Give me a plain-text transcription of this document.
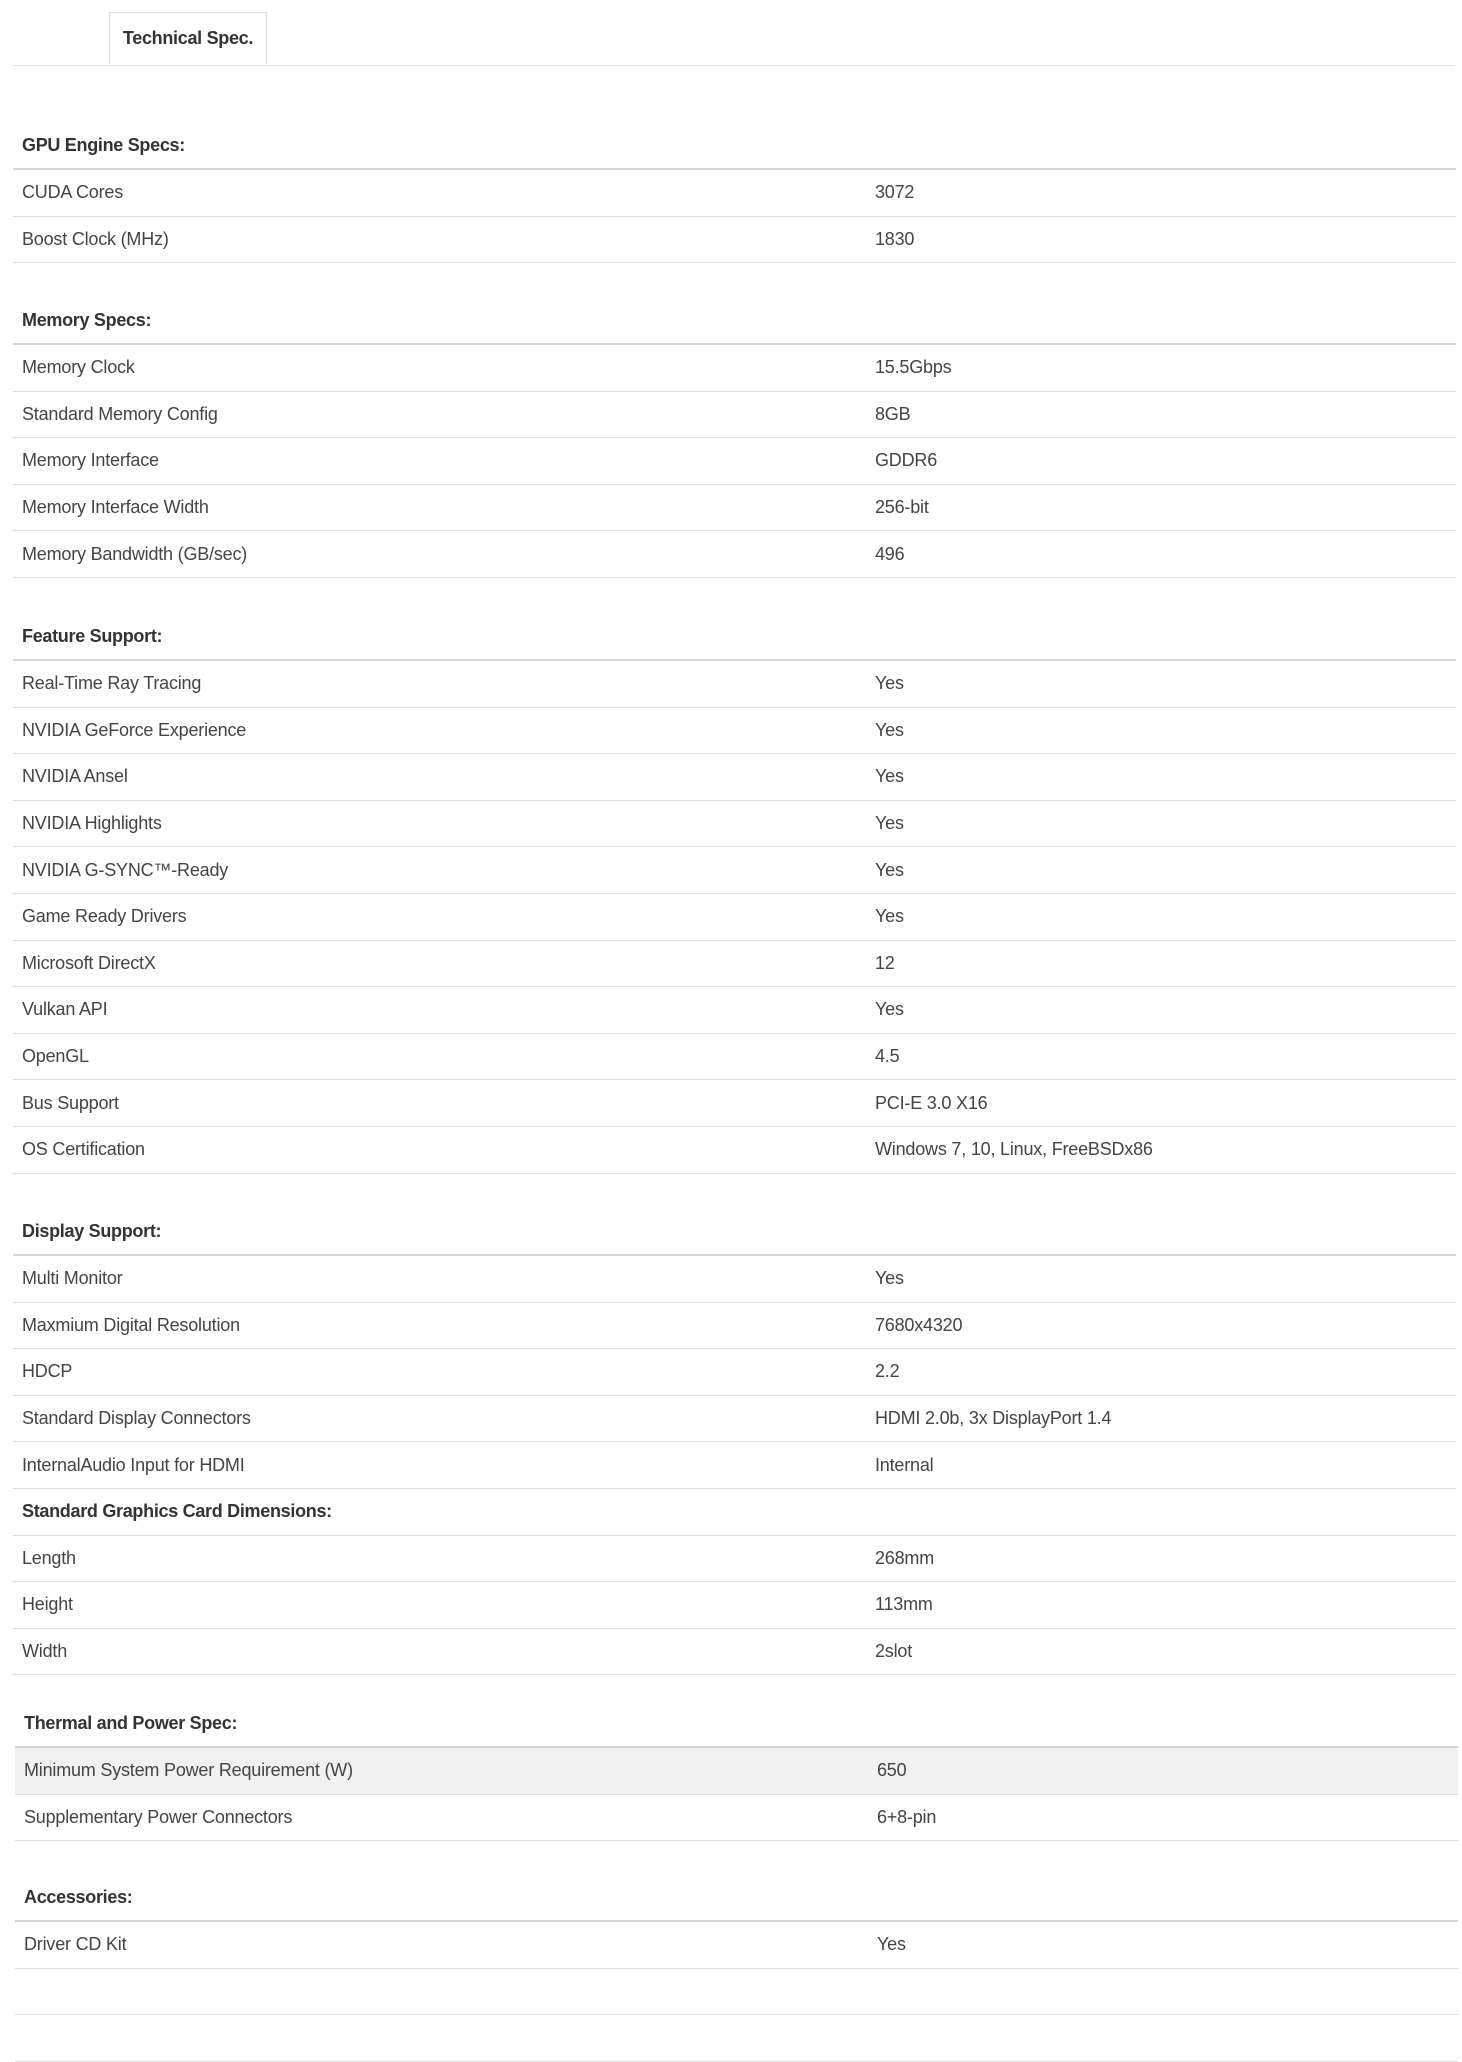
Technical Spec.
GPU Engine Specs:
CUDA Cores	3072
Boost Clock (MHz)	1830
Memory Specs:
Memory Clock	15.5Gbps
Standard Memory Config	8GB
Memory Interface	GDDR6
Memory Interface Width	256-bit
Memory Bandwidth (GB/sec)	496
Feature Support:
Real-Time Ray Tracing	Yes
NVIDIA GeForce Experience	Yes
NVIDIA Ansel	Yes
NVIDIA Highlights	Yes
NVIDIA G-SYNC™-Ready	Yes
Game Ready Drivers	Yes
Microsoft DirectX	12
Vulkan API	Yes
OpenGL	4.5
Bus Support	PCI-E 3.0 X16
OS Certification	Windows 7, 10, Linux, FreeBSDx86
Display Support:
Multi Monitor	Yes
Maxmium Digital Resolution	7680x4320
HDCP	2.2
Standard Display Connectors	HDMI 2.0b, 3x DisplayPort 1.4
InternalAudio Input for HDMI	Internal
Standard Graphics Card Dimensions:
Length	268mm
Height	113mm
Width	2slot
Thermal and Power Spec:
Minimum System Power Requirement (W)	650
Supplementary Power Connectors	6+8-pin
Accessories:
Driver CD Kit	Yes
